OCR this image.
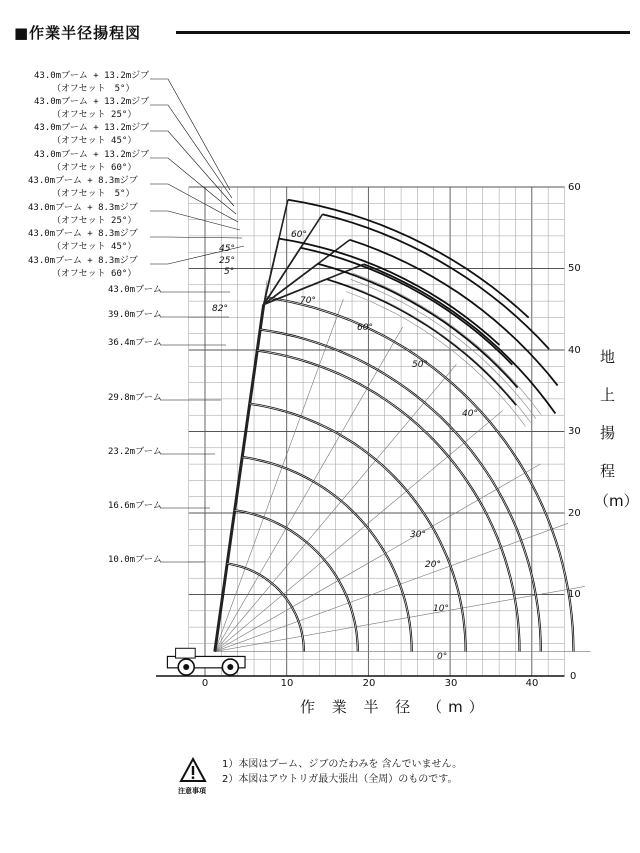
■作業半径揚程図
43.0mブーム + 13.2mジブ
（オフセット　5°）
43.0mブーム + 13.2mジブ
（オフセット 25°）
43.0mブーム + 13.2mジブ
（オフセット 45°）
43.0mブーム + 13.2mジブ
（オフセット 60°）
43.0mブーム + 8.3mジブ
（オフセット　5°）
43.0mブーム + 8.3mジブ
（オフセット 25°）
43.0mブーム + 8.3mジブ
（オフセット 45°）
43.0mブーム + 8.3mジブ
（オフセット 60°）
43.0mブーム
39.0mブーム
36.4mブーム
29.8mブーム
23.2mブーム
16.6mブーム
10.0mブーム
0	10	20	30	40
0
10
20
30
40
50
60
作 業 半 径 （m）
地
上
揚
程
（m）
0°
10°
20°
30°
40°
50°
60°
70°
82°
5°
25°
45°
60°
注意事項
1）本図はブーム、ジブのたわみを 含んでいません。
2）本図はアウトリガ最大張出（全周）のものです。
